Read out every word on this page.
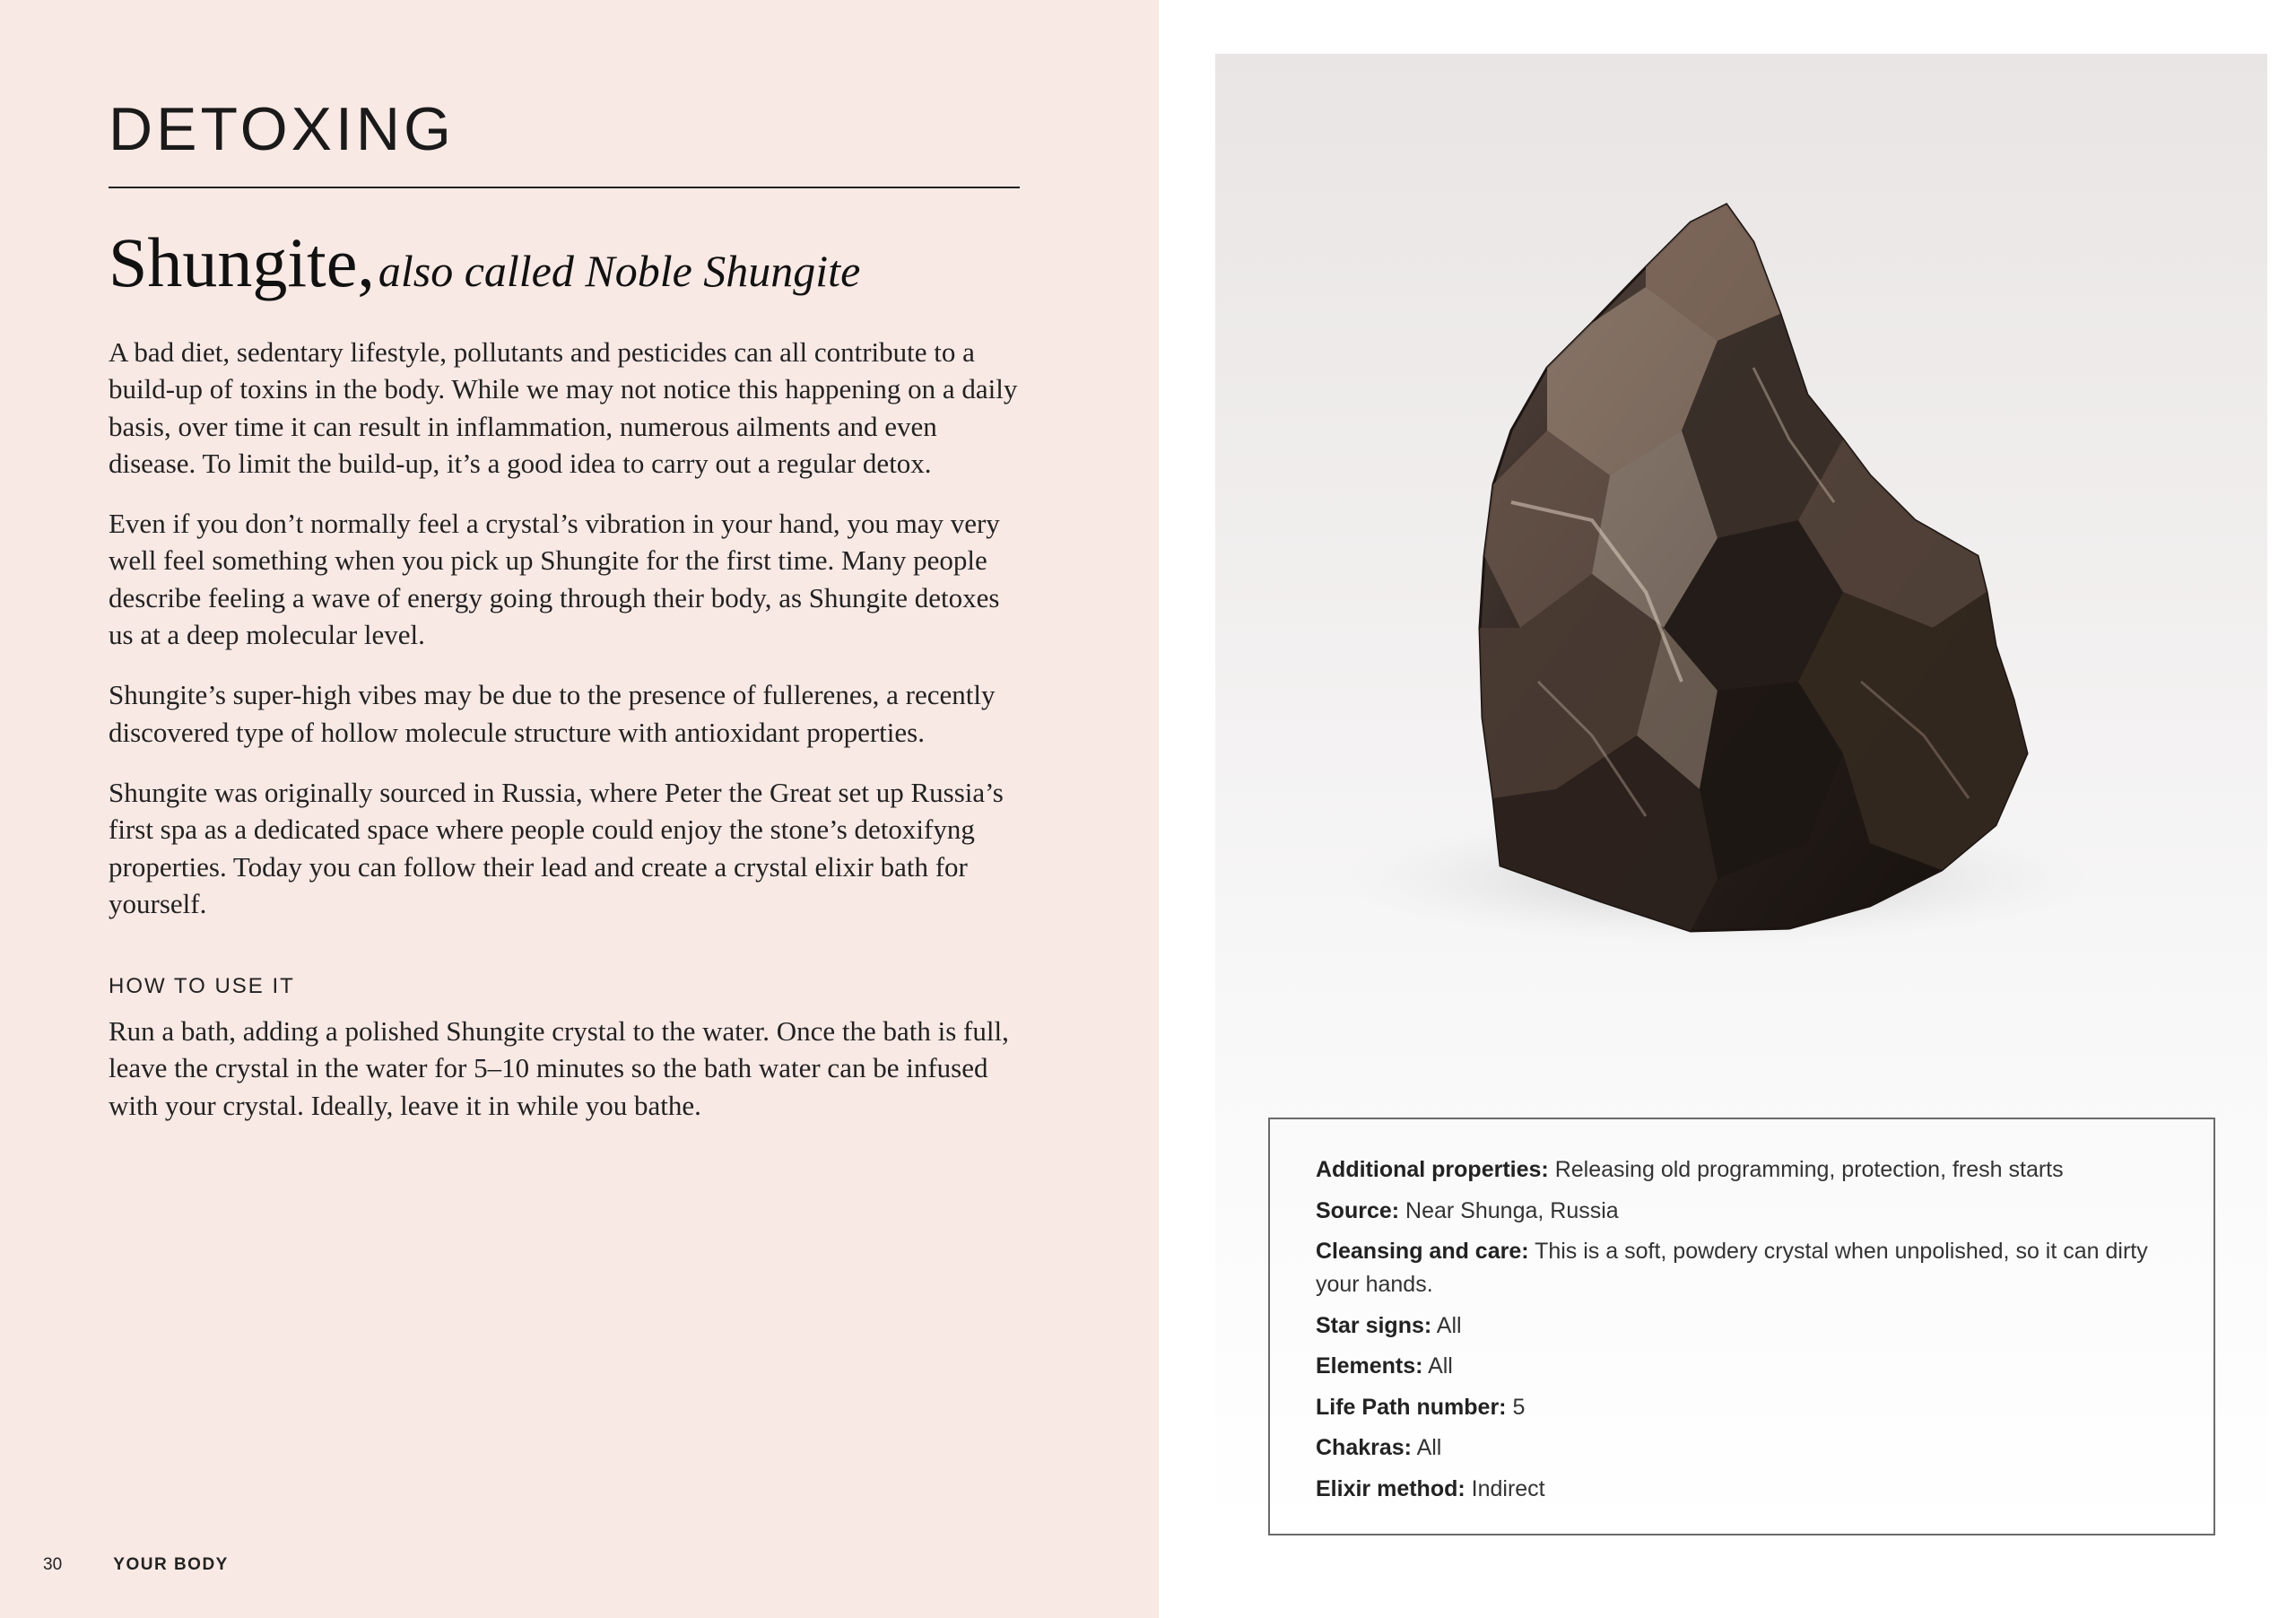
DETOXING
Shungite, also called Noble Shungite

A bad diet, sedentary lifestyle, pollutants and pesticides can all contribute to a build-up of toxins in the body. While we may not notice this happening on a daily basis, over time it can result in inflammation, numerous ailments and even disease. To limit the build-up, it’s a good idea to carry out a regular detox.

Even if you don’t normally feel a crystal’s vibration in your hand, you may very well feel something when you pick up Shungite for the first time. Many people describe feeling a wave of energy going through their body, as Shungite detoxes us at a deep molecular level.

Shungite’s super-high vibes may be due to the presence of fullerenes, a recently discovered type of hollow molecule structure with antioxidant properties.

Shungite was originally sourced in Russia, where Peter the Great set up Russia’s first spa as a dedicated space where people could enjoy the stone’s detoxifyng properties. Today you can follow their lead and create a crystal elixir bath for yourself.

HOW TO USE IT

Run a bath, adding a polished Shungite crystal to the water. Once the bath is full, leave the crystal in the water for 5–10 minutes so the bath water can be infused with your crystal. Ideally, leave it in while you bathe.

30	YOUR BODY
Additional properties: Releasing old programming, protection, fresh starts
Source: Near Shunga, Russia
Cleansing and care: This is a soft, powdery crystal when unpolished, so it can dirty your hands.
Star signs: All
Elements: All
Life Path number: 5
Chakras: All
Elixir method: Indirect
